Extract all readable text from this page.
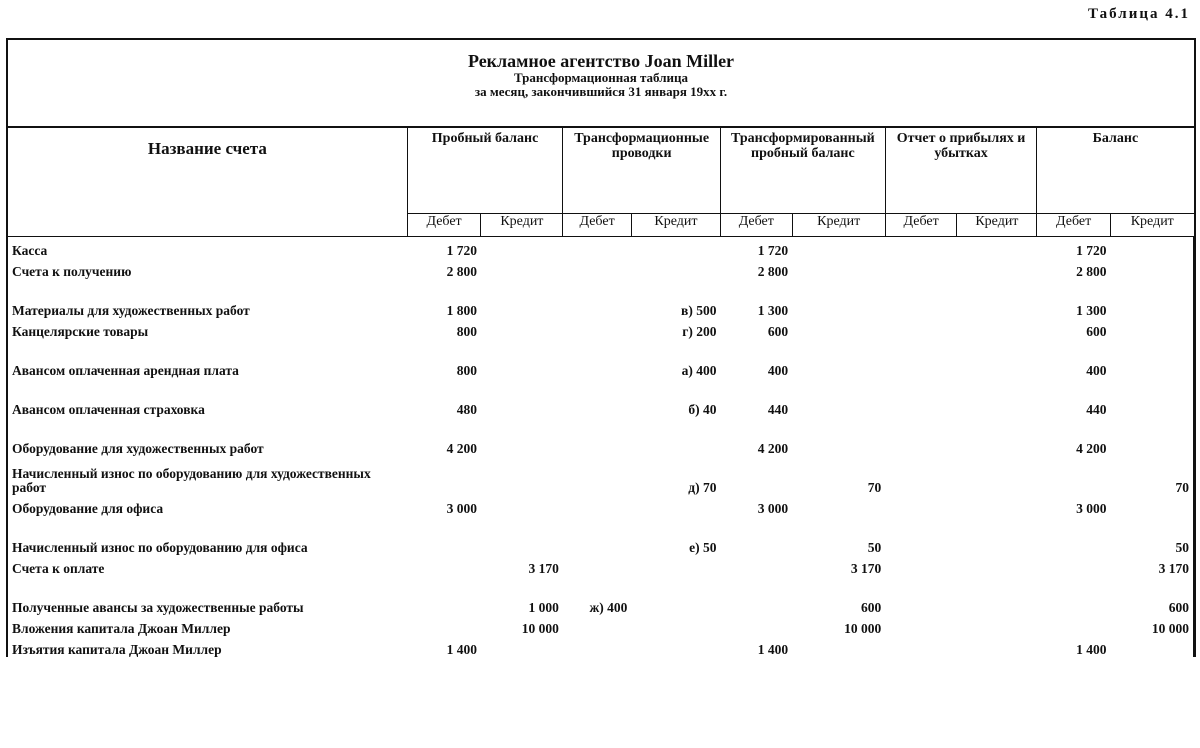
Таблица 4.1
Рекламное агентство Joan Miller
Трансформационная таблица
за месяц, закончившийся 31 января 19хх г.
Название счета	Пробный баланс		Трансформационные проводки		Трансформированный пробный баланс		Отчет о прибылях и убытках		Баланс	
	Дебет	Кредит	Дебет	Кредит	Дебет	Кредит	Дебет	Кредит	Дебет	Кредит
Касса	1 720				1 720				1 720	
Счета к получению	2 800				2 800				2 800	
Материалы для художественных работ	1 800			в) 500	1 300				1 300	
Канцелярские товары	800			г) 200	600				600	
Авансом оплаченная арендная плата	800			а) 400	400				400	
Авансом оплаченная страховка	480			б) 40	440				440	
Оборудование для художественных работ	4 200				4 200				4 200	
Начисленный износ по оборудованию для художественных работ				д) 70		70				70
Оборудование для офиса	3 000				3 000				3 000	
Начисленный износ по оборудованию для офиса				е) 50		50				50
Счета к оплате		3 170				3 170				3 170
Полученные авансы за художественные работы		1 000	ж) 400			600				600
Вложения капитала Джоан Миллер		10 000				10 000				10 000
Изъятия капитала Джоан Миллер	1 400				1 400				1 400	
